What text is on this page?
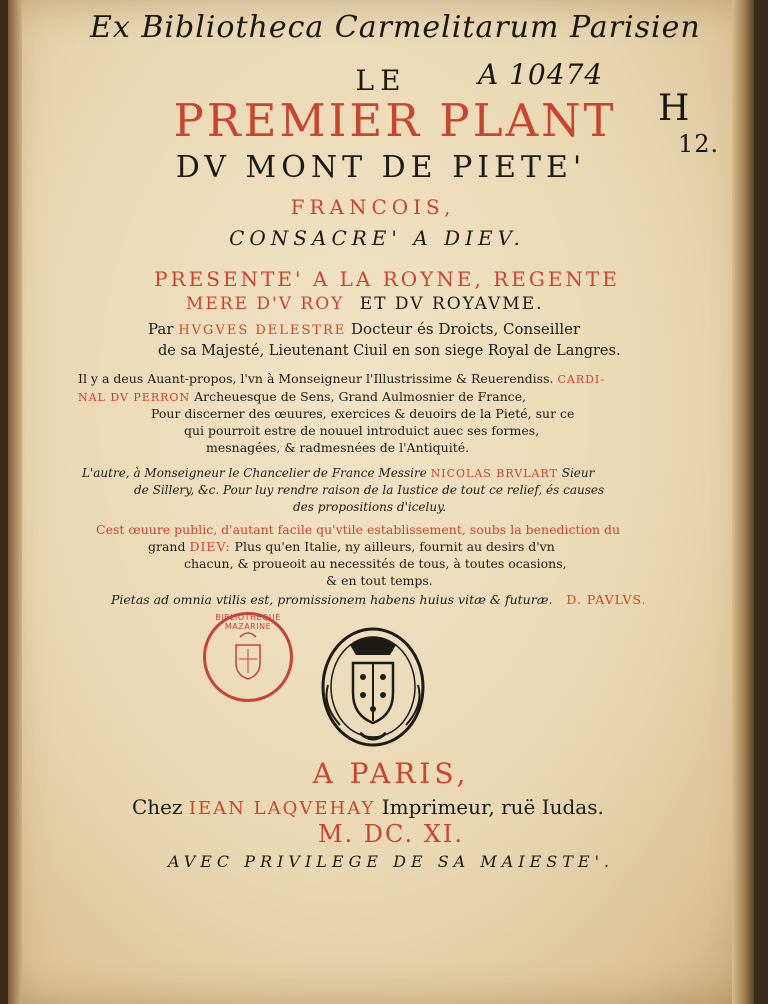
Ex Bibliotheca Carmelitarum Parisien
A 10474
H
12.
LE
PREMIER PLANT
DV MONT DE PIETE'
FRANCOIS,
CONSACRE' A DIEV.
PRESENTE' A LA ROYNE, REGENTE
MERE D'V ROY ET DV ROYAVME.
Par HVGVES DELESTRE Docteur és Droicts, Conseiller
de sa Majesté, Lieutenant Ciuil en son siege Royal de Langres.
Il y a deus Auant-propos, l'vn à Monseigneur l'Illustrissime & Reuerendiss. CARDI-
NAL DV PERRON Archeuesque de Sens, Grand Aulmosnier de France,
Pour discerner des œuures, exercices & deuoirs de la Pieté, sur ce
qui pourroit estre de nouuel introduict auec ses formes,
mesnagées, & radmesnées de l'Antiquité.
L'autre, à Monseigneur le Chancelier de France Messire NICOLAS BRVLART Sieur
de Sillery, &c. Pour luy rendre raison de la Iustice de tout ce relief, és causes
des propositions d'iceluy.
Cest œuure public, d'autant facile qu'vtile establissement, soubs la benediction du
grand DIEV: Plus qu'en Italie, ny ailleurs, fournit au desirs d'vn
chacun, & proueoit au necessités de tous, à toutes ocasions,
& en tout temps.
Pietas ad omnia vtilis est, promissionem habens huius vitæ & futuræ. D. PAVLVS.
BIBLIOTHEQUE MAZARINE
A PARIS,
Chez IEAN LAQVEHAY Imprimeur, ruë Iudas.
M. DC. XI.
AVEC PRIVILEGE DE SA MAIESTE'.
